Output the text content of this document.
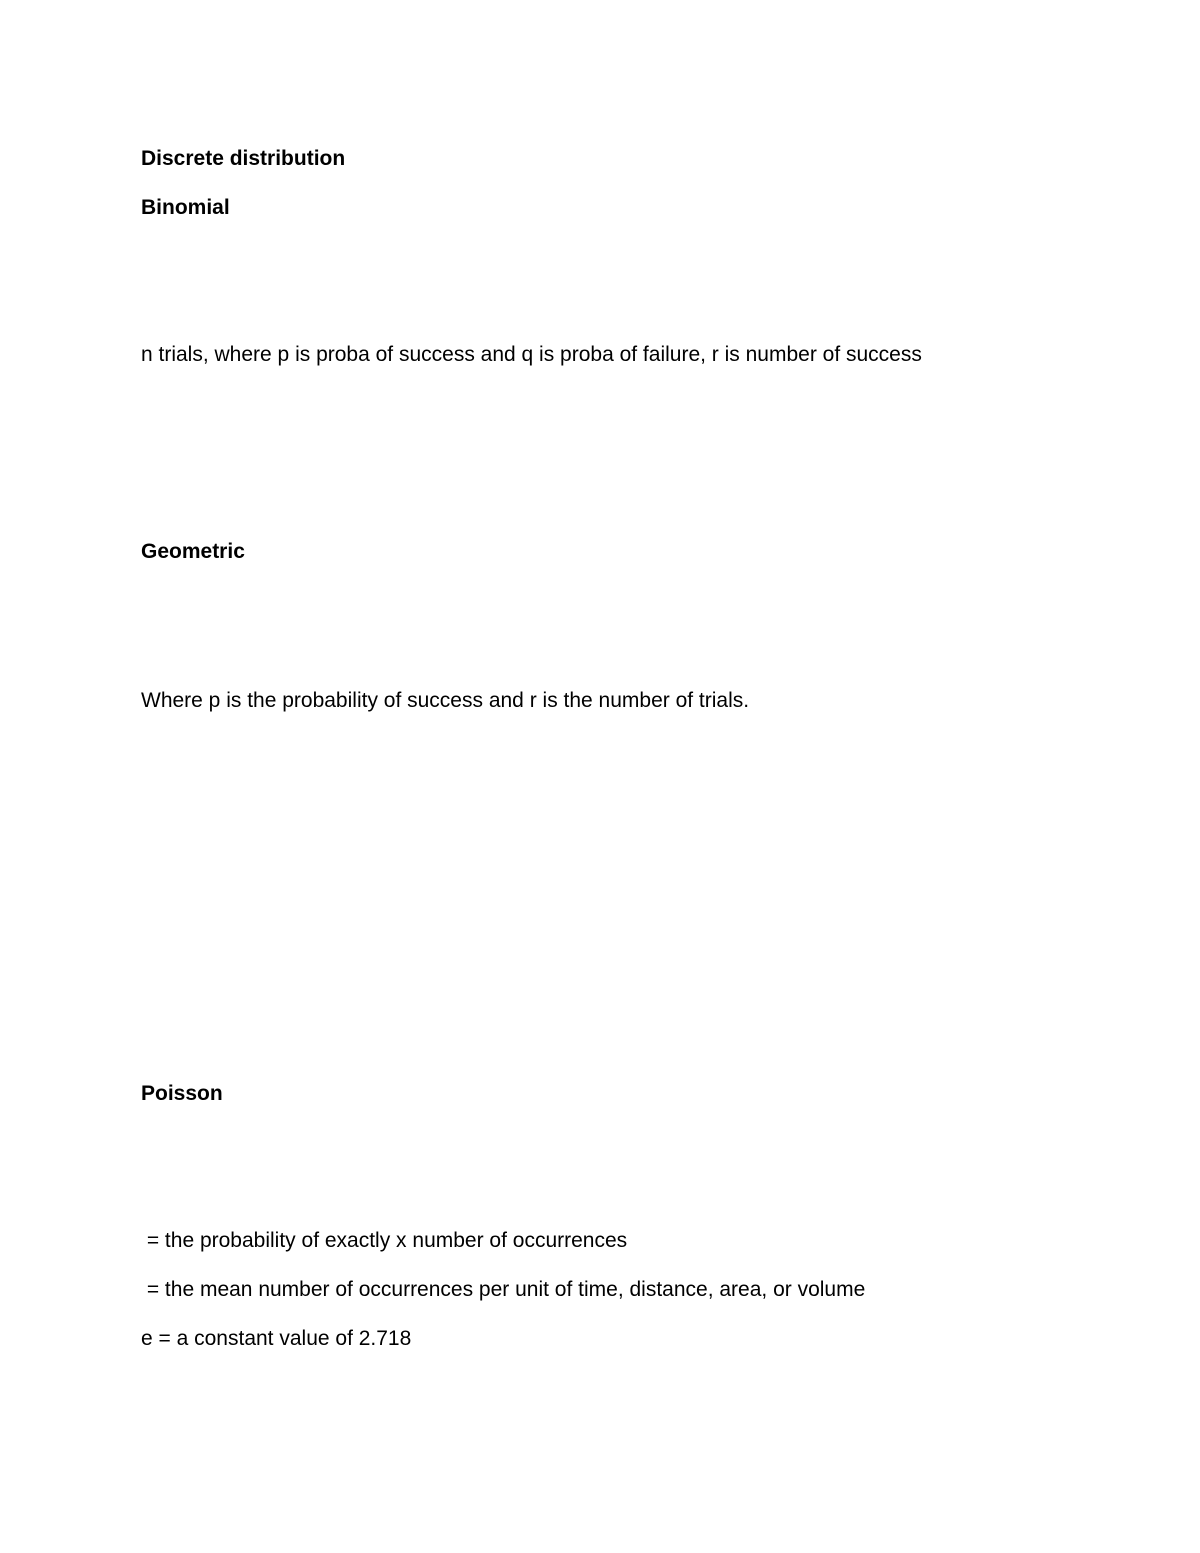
Discrete distribution
Binomial
n trials, where p is proba of success and q is proba of failure, r is number of success
Geometric
Where p is the probability of success and r is the number of trials.
Poisson
= the probability of exactly x number of occurrences
= the mean number of occurrences per unit of time, distance, area, or volume
e = a constant value of 2.718
